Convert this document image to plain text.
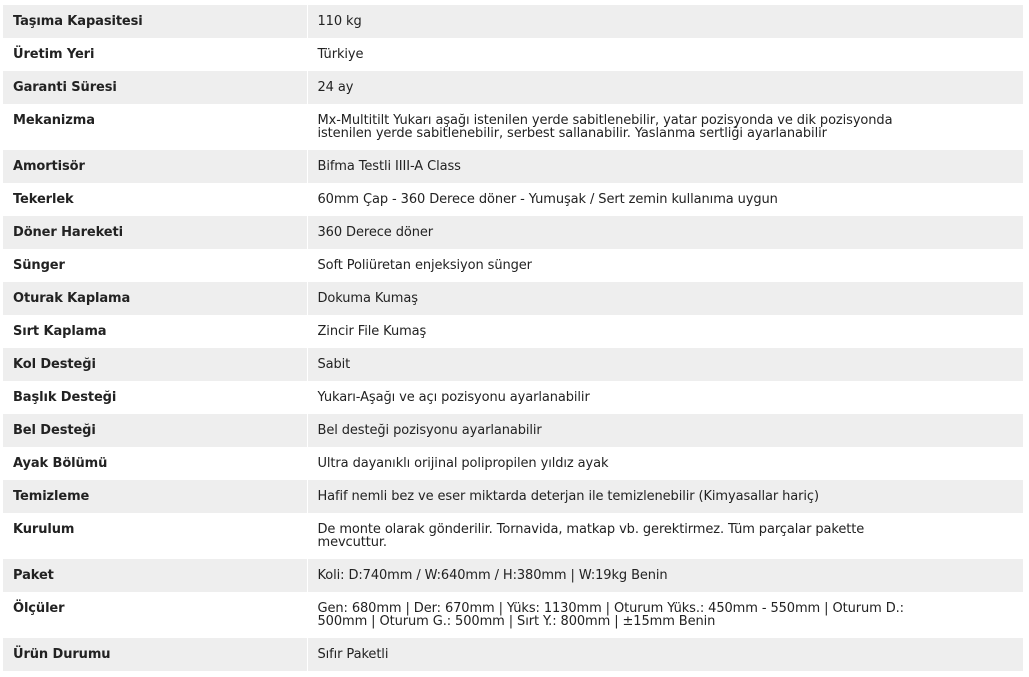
Taşıma Kapasitesi	110 kg
Üretim Yeri	Türkiye
Garanti Süresi	24 ay
Mekanizma	Mx-Multitilt Yukarı aşağı istenilen yerde sabitlenebilir, yatar pozisyonda ve dik pozisyonda istenilen yerde sabitlenebilir, serbest sallanabilir. Yaslanma sertliği ayarlanabilir
Amortisör	Bifma Testli IIII-A Class
Tekerlek	60mm Çap - 360 Derece döner - Yumuşak / Sert zemin kullanıma uygun
Döner Hareketi	360 Derece döner
Sünger	Soft Poliüretan enjeksiyon sünger
Oturak Kaplama	Dokuma Kumaş
Sırt Kaplama	Zincir File Kumaş
Kol Desteği	Sabit
Başlık Desteği	Yukarı-Aşağı ve açı pozisyonu ayarlanabilir
Bel Desteği	Bel desteği pozisyonu ayarlanabilir
Ayak Bölümü	Ultra dayanıklı orijinal polipropilen yıldız ayak
Temizleme	Hafif nemli bez ve eser miktarda deterjan ile temizlenebilir (Kimyasallar hariç)
Kurulum	De monte olarak gönderilir. Tornavida, matkap vb. gerektirmez. Tüm parçalar pakette mevcuttur.
Paket	Koli: D:740mm / W:640mm / H:380mm | W:19kg Benin
Ölçüler	Gen: 680mm | Der: 670mm | Yüks: 1130mm | Oturum Yüks.: 450mm - 550mm | Oturum D.: 500mm | Oturum G.: 500mm | Sırt Y.: 800mm | ±15mm Benin
Ürün Durumu	Sıfır Paketli
